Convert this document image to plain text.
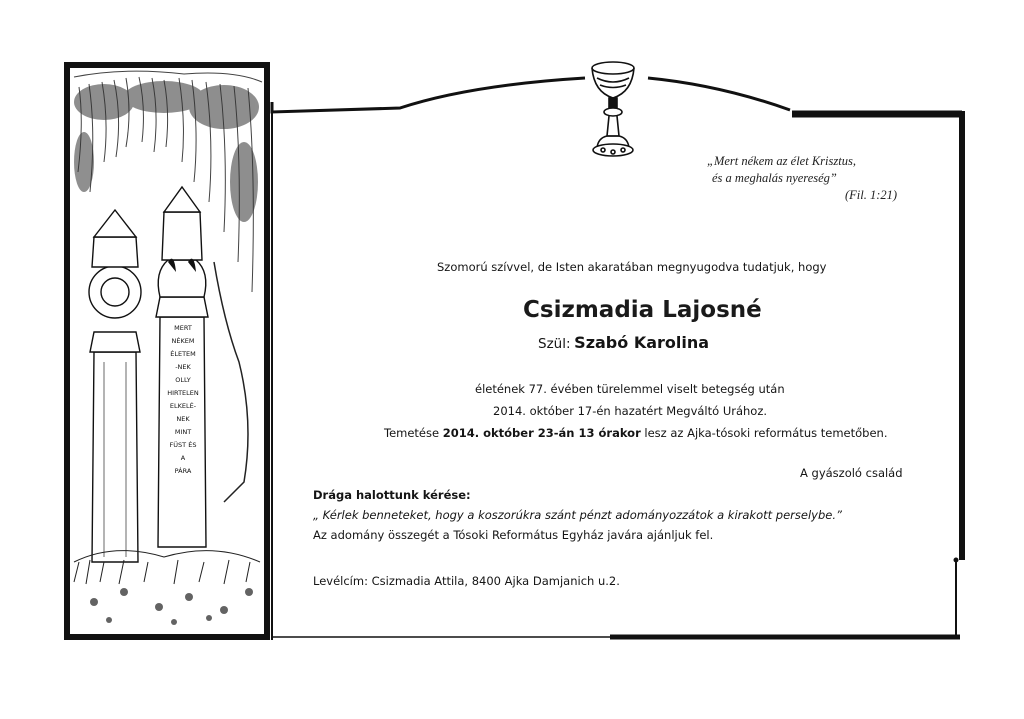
MERT
NÉKEM
ÉLETEM
-NEK
OLLY
HIRTELEN
ELKELÉ-
NEK
MINT
FÜST ÉS
A
PÁRA
„Mert nékem az élet Krisztus,
és a meghalás nyereség”
(Fil. 1:21)
Szomorú szívvel, de Isten akaratában megnyugodva tudatjuk, hogy
Csizmadia Lajosné
Szül: Szabó Karolina
életének 77. évében türelemmel viselt betegség után
2014. október 17-én hazatért Megváltó Urához.
Temetése 2014. október 23-án 13 órakor lesz az Ajka-tósoki református temetőben.
A gyászoló család
Drága halottunk kérése:
„ Kérlek benneteket, hogy a koszorúkra szánt pénzt adományozzátok a kirakott perselybe.”
Az adomány összegét a Tósoki Református Egyház javára ajánljuk fel.
Levélcím: Csizmadia Attila, 8400 Ajka Damjanich u.2.
